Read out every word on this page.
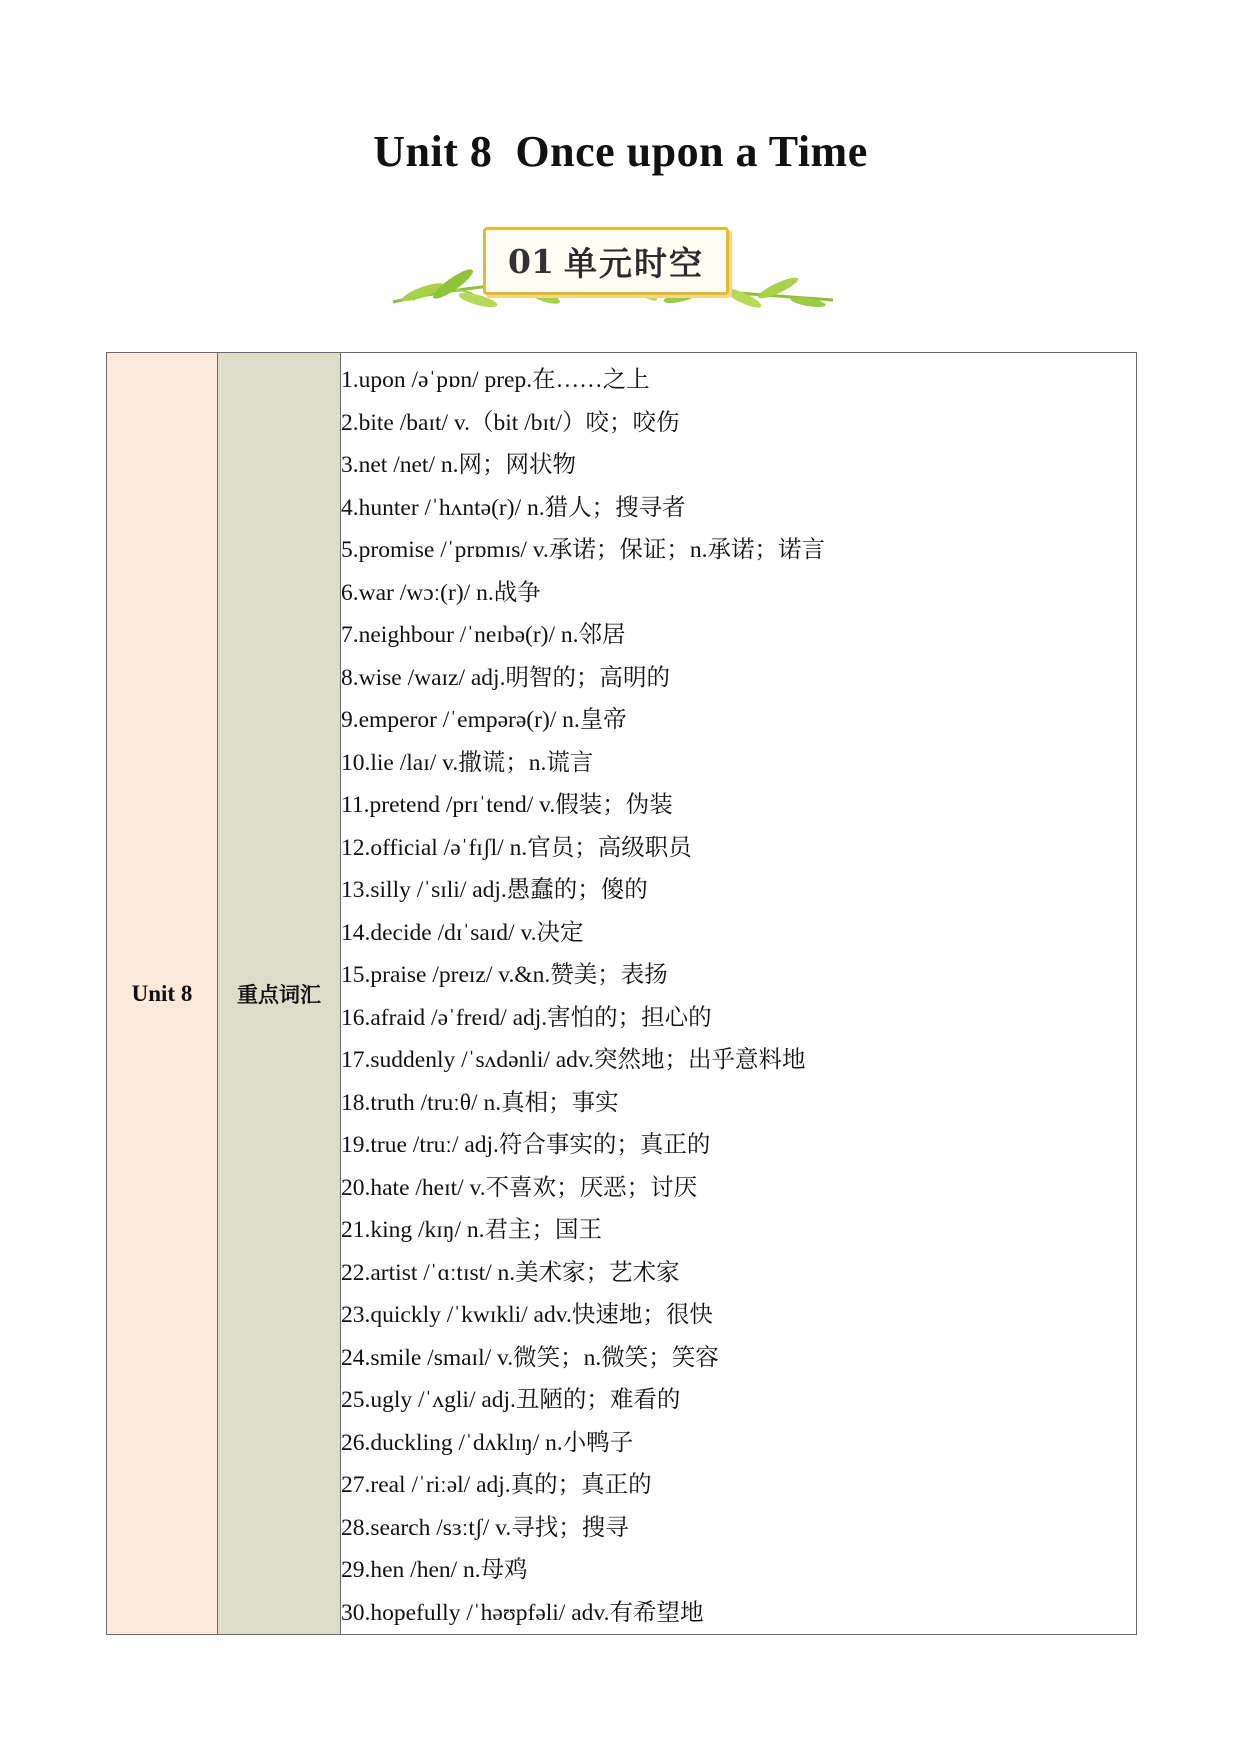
Unit 8  Once upon a Time
01 单元时空
Unit 8	重点词汇	
1.upon /əˈpɒn/ prep.在……之上
2.bite /baɪt/ v.（bit /bɪt/）咬；咬伤
3.net /net/ n.网；网状物
4.hunter /ˈhʌntə(r)/ n.猎人；搜寻者
5.promise /ˈprɒmɪs/ v.承诺；保证；n.承诺；诺言
6.war /wɔː(r)/ n.战争
7.neighbour /ˈneɪbə(r)/ n.邻居
8.wise /waɪz/ adj.明智的；高明的
9.emperor /ˈempərə(r)/ n.皇帝
10.lie /laɪ/ v.撒谎；n.谎言
11.pretend /prɪˈtend/ v.假装；伪装
12.official /əˈfɪʃl/ n.官员；高级职员
13.silly /ˈsɪli/ adj.愚蠢的；傻的
14.decide /dɪˈsaɪd/ v.决定
15.praise /preɪz/ v.&n.赞美；表扬
16.afraid /əˈfreɪd/ adj.害怕的；担心的
17.suddenly /ˈsʌdənli/ adv.突然地；出乎意料地
18.truth /truːθ/ n.真相；事实
19.true /truː/ adj.符合事实的；真正的
20.hate /heɪt/ v.不喜欢；厌恶；讨厌
21.king /kɪŋ/ n.君主；国王
22.artist /ˈɑːtɪst/ n.美术家；艺术家
23.quickly /ˈkwɪkli/ adv.快速地；很快
24.smile /smaɪl/ v.微笑；n.微笑；笑容
25.ugly /ˈʌgli/ adj.丑陋的；难看的
26.duckling /ˈdʌklɪŋ/ n.小鸭子
27.real /ˈriːəl/ adj.真的；真正的
28.search /sɜːtʃ/ v.寻找；搜寻
29.hen /hen/ n.母鸡
30.hopefully /ˈhəʊpfəli/ adv.有希望地
